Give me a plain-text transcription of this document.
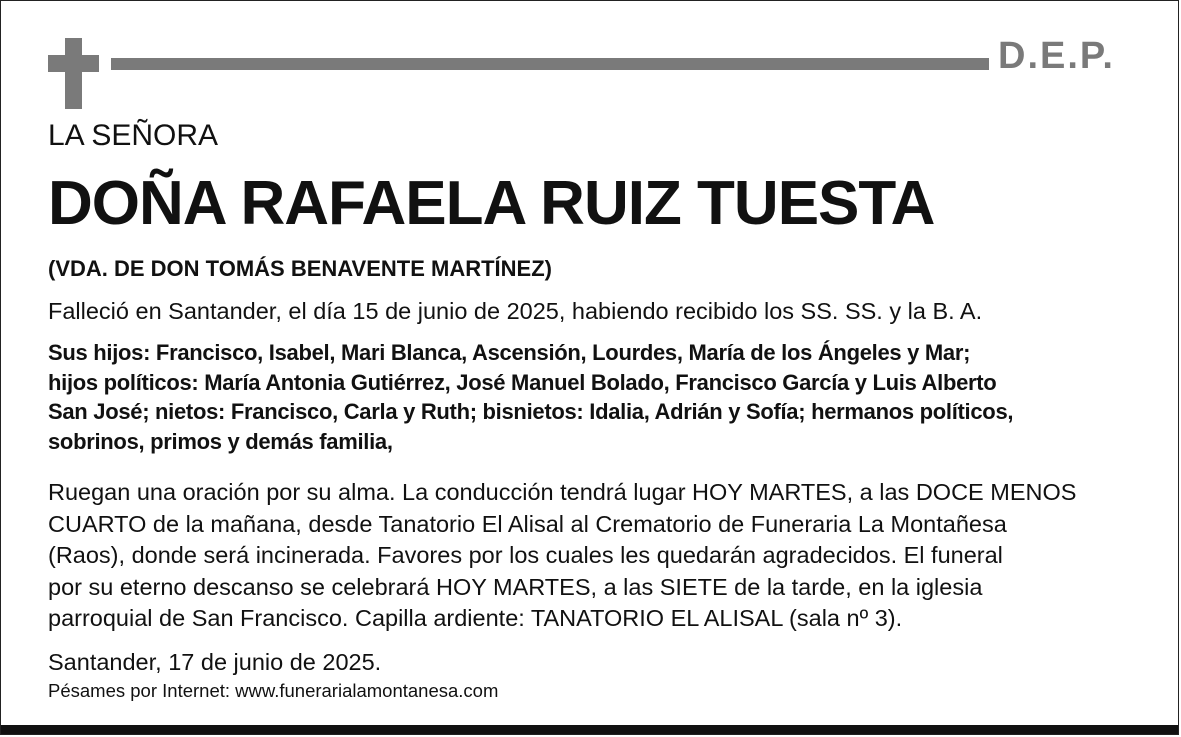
D.E.P.
LA SEÑORA
DOÑA RAFAELA RUIZ TUESTA
(VDA. DE DON TOMÁS BENAVENTE MARTÍNEZ)
Falleció en Santander, el día 15 de junio de 2025, habiendo recibido los SS. SS. y la B. A.
Sus hijos: Francisco, Isabel, Mari Blanca, Ascensión, Lourdes, María de los Ángeles y Mar;
hijos políticos: María Antonia Gutiérrez, José Manuel Bolado, Francisco García y Luis Alberto
San José; nietos: Francisco, Carla y Ruth; bisnietos: Idalia, Adrián y Sofía; hermanos políticos,
sobrinos, primos y demás familia,
Ruegan una oración por su alma. La conducción tendrá lugar HOY MARTES, a las DOCE MENOS
CUARTO de la mañana, desde Tanatorio El Alisal al Crematorio de Funeraria La Montañesa
(Raos), donde será incinerada. Favores por los cuales les quedarán agradecidos. El funeral
por su eterno descanso se celebrará HOY MARTES, a las SIETE de la tarde, en la iglesia
parroquial de San Francisco. Capilla ardiente: TANATORIO EL ALISAL (sala nº 3).
Santander, 17 de junio de 2025.
Pésames por Internet: www.funerarialamontanesa.com
